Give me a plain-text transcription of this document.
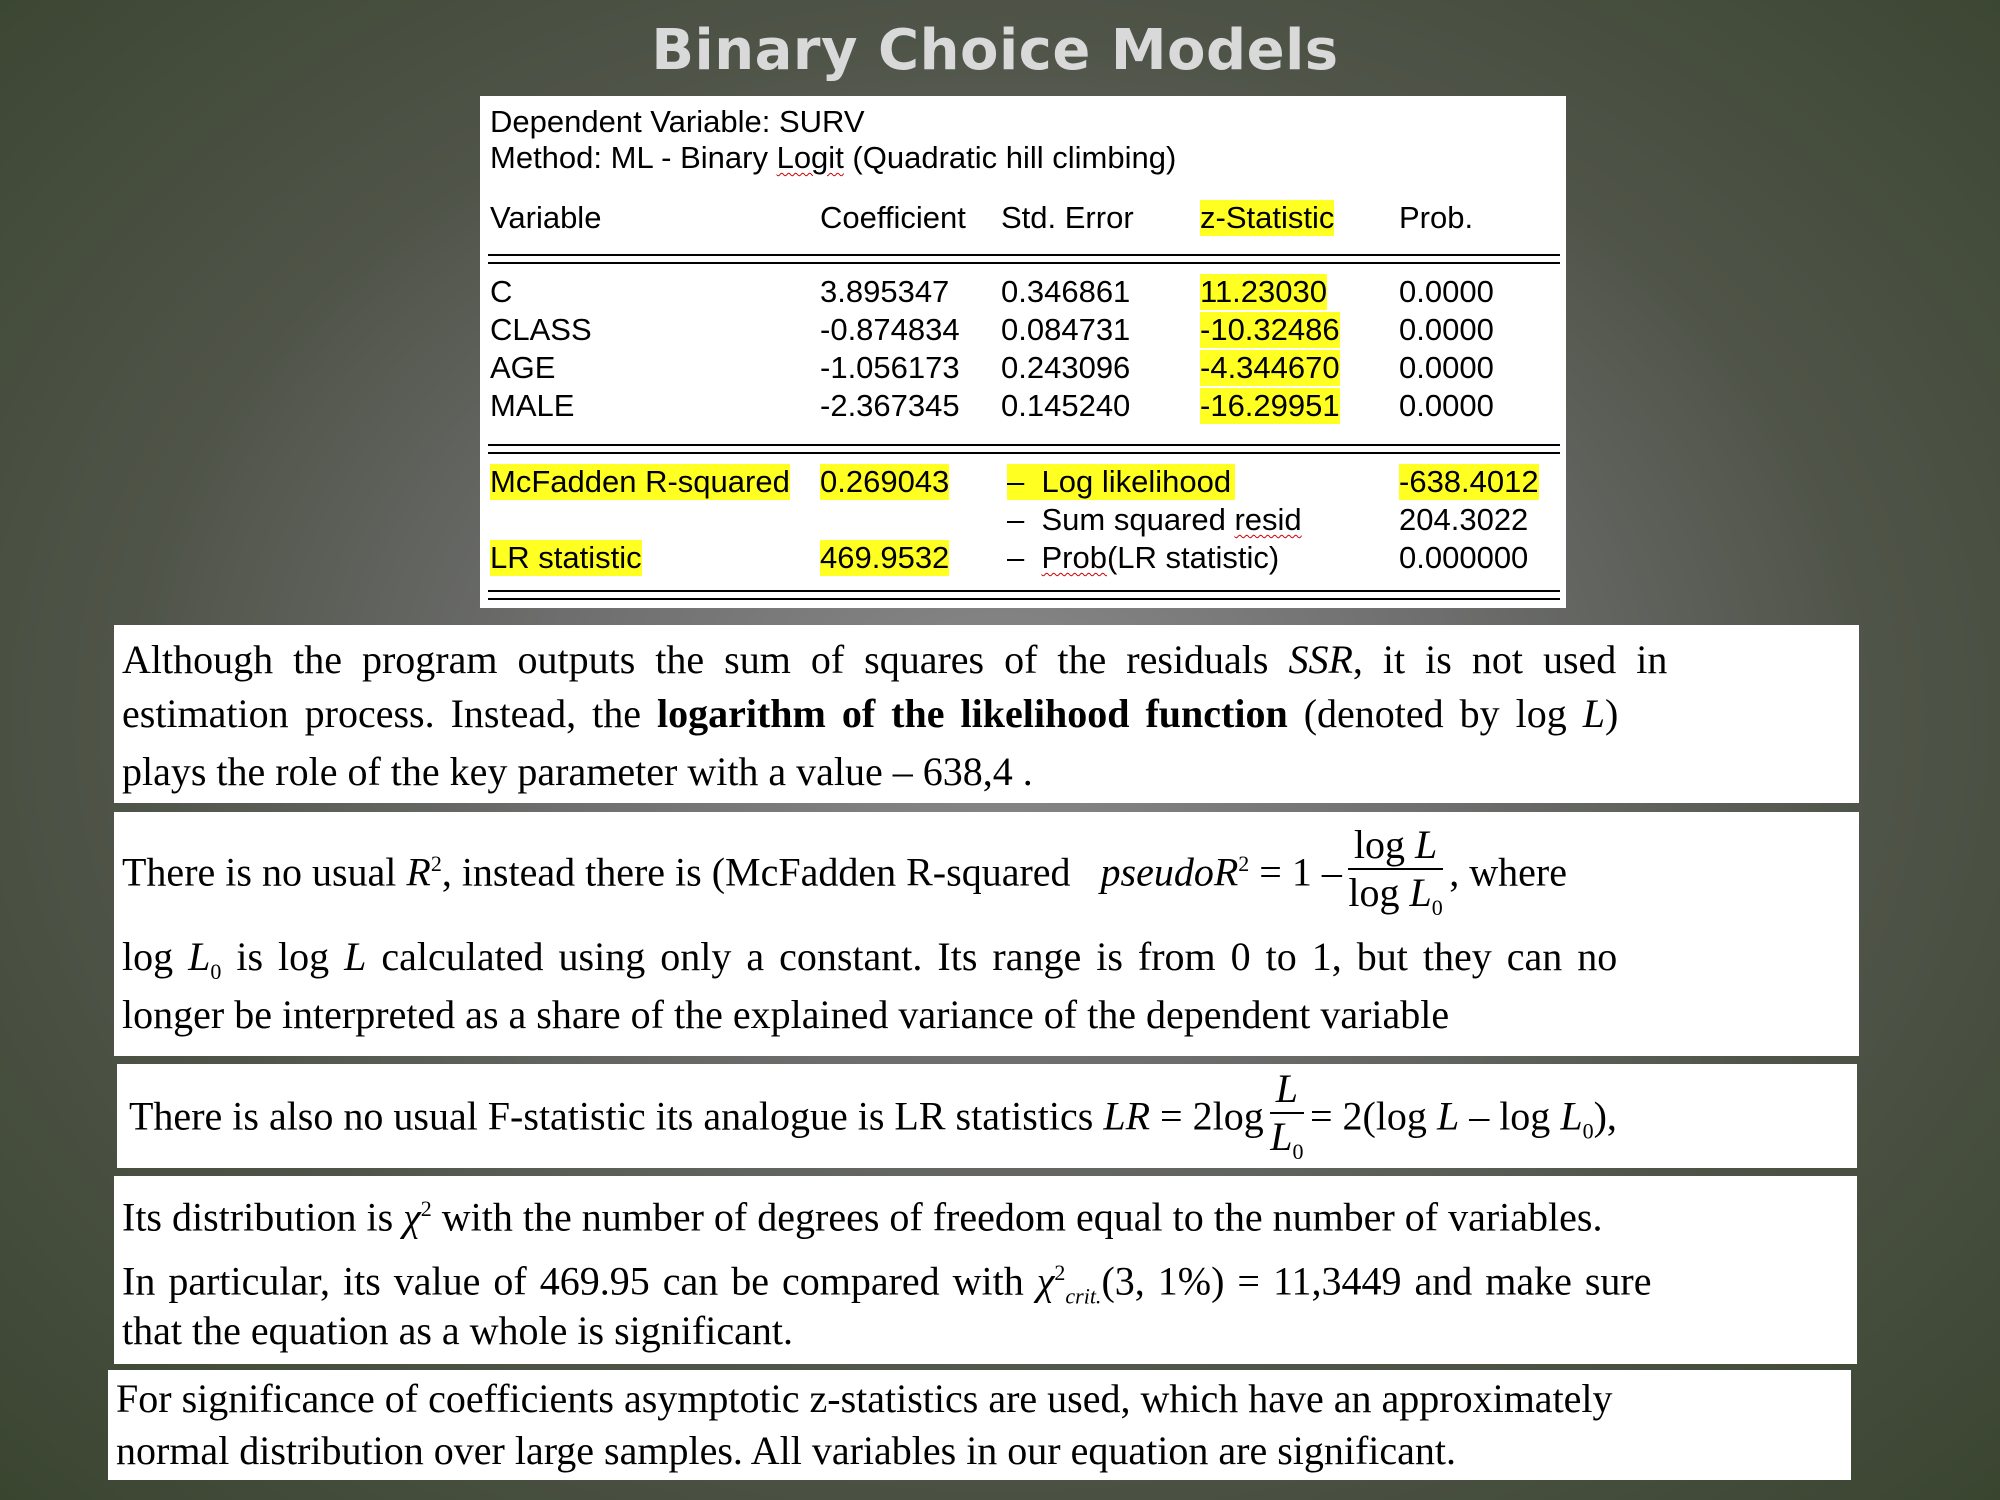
Binary Choice Models
Dependent Variable: SURV
Method: ML - Binary Logit (Quadratic hill climbing)
Variable	Coefficient Std. Error z-Statistic Prob.
C	3.895347 0.346861 11.23030 0.0000
CLASS	-0.874834 0.084731 -10.32486 0.0000
AGE	-1.056173 0.243096 -4.344670 0.0000
MALE	-2.367345 0.145240 -16.29951 0.0000
McFadden R-squared 0.269043 – Log likelihood	-638.4012
– Sum squared resid	204.3022
LR statistic	469.9532 – Prob(LR statistic)	0.000000
Although the program outputs the sum of squares of the residuals SSR, it is not used in
estimation process. Instead, the logarithm of the likelihood function (denoted by log L)
plays the role of the key parameter with a value – 638,4 .
There is no usual $R^2$, instead there is (McFadden R-squared pseudoR$^2$ = $1 - \frac{\text{log L}}{\log L_0}$ , where
$\log L_0$ is log L calculated using only a constant. Its range is from 0 to 1, but they can no
longer be interpreted as a share of the explained variance of the dependent variable
There is also no usual F-statistic its analogue is LR statistics LR = $2\log \frac{L}{L_0} = 2(\log$ L – $\log L_0$),
Its distribution is $\chi^2$ with the number of degrees of freedom equal to the number of variables.
In particular, its value of 469.95 can be compared with $\chi^2_{crit.}(3$, 1%) = 11,3449 and make sure
that the equation as a whole is significant.
For significance of coefficients asymptotic z-statistics are used, which have an approximately
normal distribution over large samples. All variables in our equation are significant.
